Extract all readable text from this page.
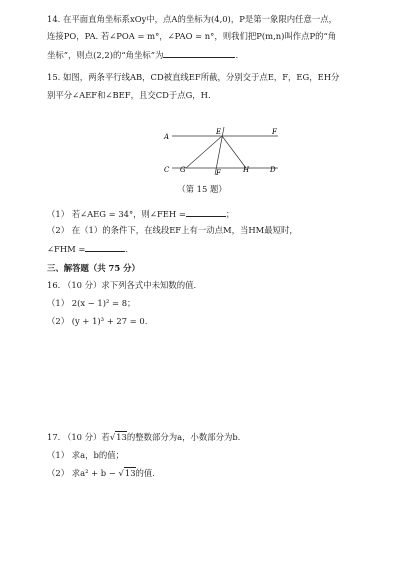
14. 在平面直角坐标系xOy中，点A的坐标为(4,0)，P是第一象限内任意一点，
连接PO，PA. 若∠POA = m°，∠PAO = n°，则我们把P(m,n)叫作点P的“角
坐标”，则点(2,2)的“角坐标”为	.
15. 如图，两条平行线AB，CD被直线EF所截，分别交于点E，F，EG，EH分
别平分∠AEF和∠BEF，且交CD于点G，H.
A
E	F
C G	F	H	D
（第 15 题）
（1） 若∠AEG = 34°，则∠FEH =	；
（2） 在（1）的条件下，在线段EF上有一动点M，当HM最短时，
∠FHM =	.
三、解答题（共 75 分）
16. （10 分）求下列各式中未知数的值.
（1） 2(x − 1)² = 8；
（2） (y + 1)³ + 27 = 0.
17. （10 分）若√13的整数部分为a，小数部分为b.
（1） 求a，b的值；
（2） 求a² + b − √13的值.
